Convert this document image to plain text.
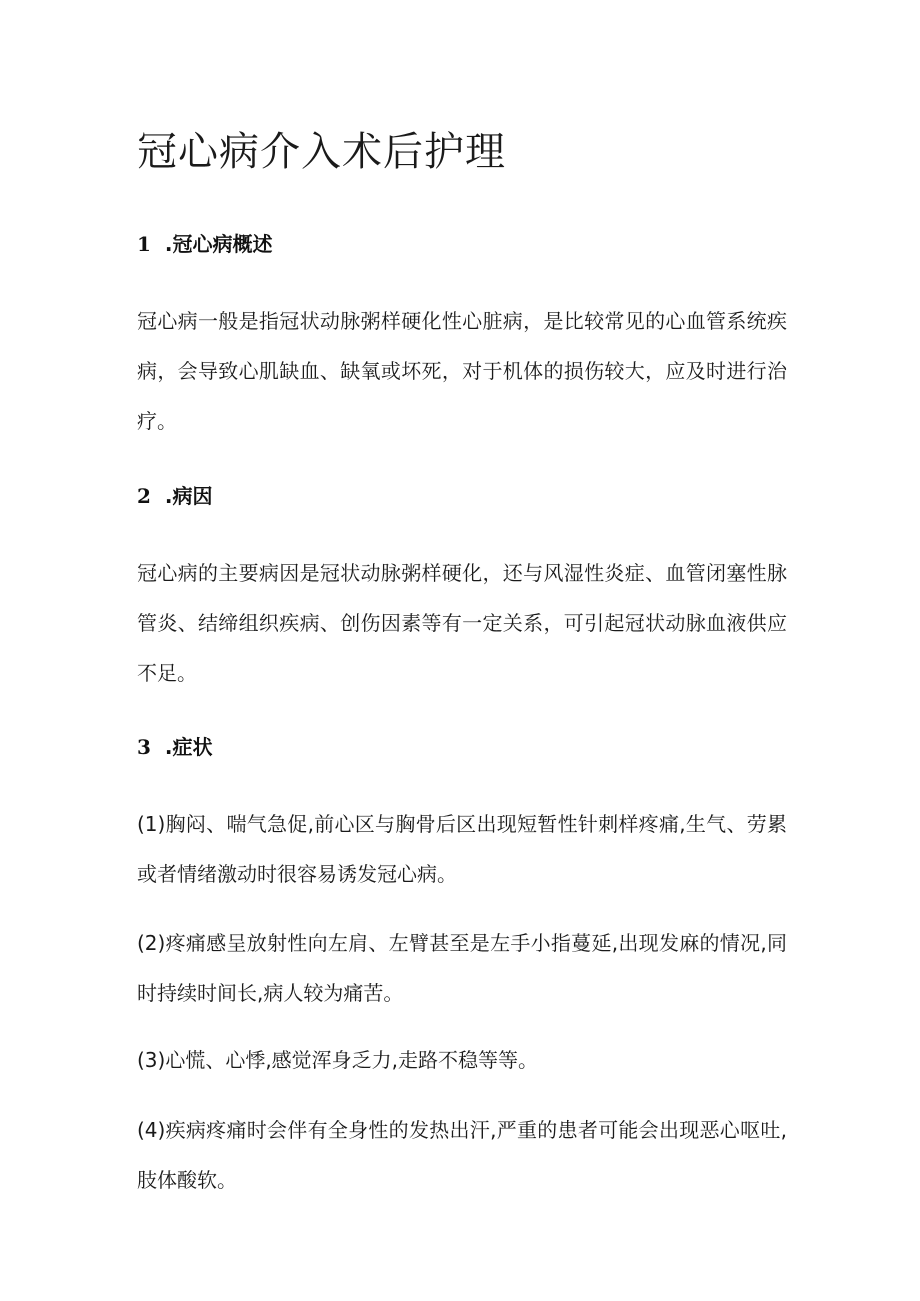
冠心病介入术后护理
1 .冠心病概述

冠心病一般是指冠状动脉粥样硬化性心脏病，是比较常见的心血管系统疾病，会导致心肌缺血、缺氧或坏死，对于机体的损伤较大，应及时进行治疗。

2 .病因

冠心病的主要病因是冠状动脉粥样硬化，还与风湿性炎症、血管闭塞性脉管炎、结缔组织疾病、创伤因素等有一定关系，可引起冠状动脉血液供应不足。

3 .症状

(1)胸闷、喘气急促,前心区与胸骨后区出现短暂性针刺样疼痛,生气、劳累或者情绪激动时很容易诱发冠心病。

(2)疼痛感呈放射性向左肩、左臂甚至是左手小指蔓延,出现发麻的情况,同时持续时间长,病人较为痛苦。

(3)心慌、心悸,感觉浑身乏力,走路不稳等等。

(4)疾病疼痛时会伴有全身性的发热出汗,严重的患者可能会出现恶心呕吐,肢体酸软。
